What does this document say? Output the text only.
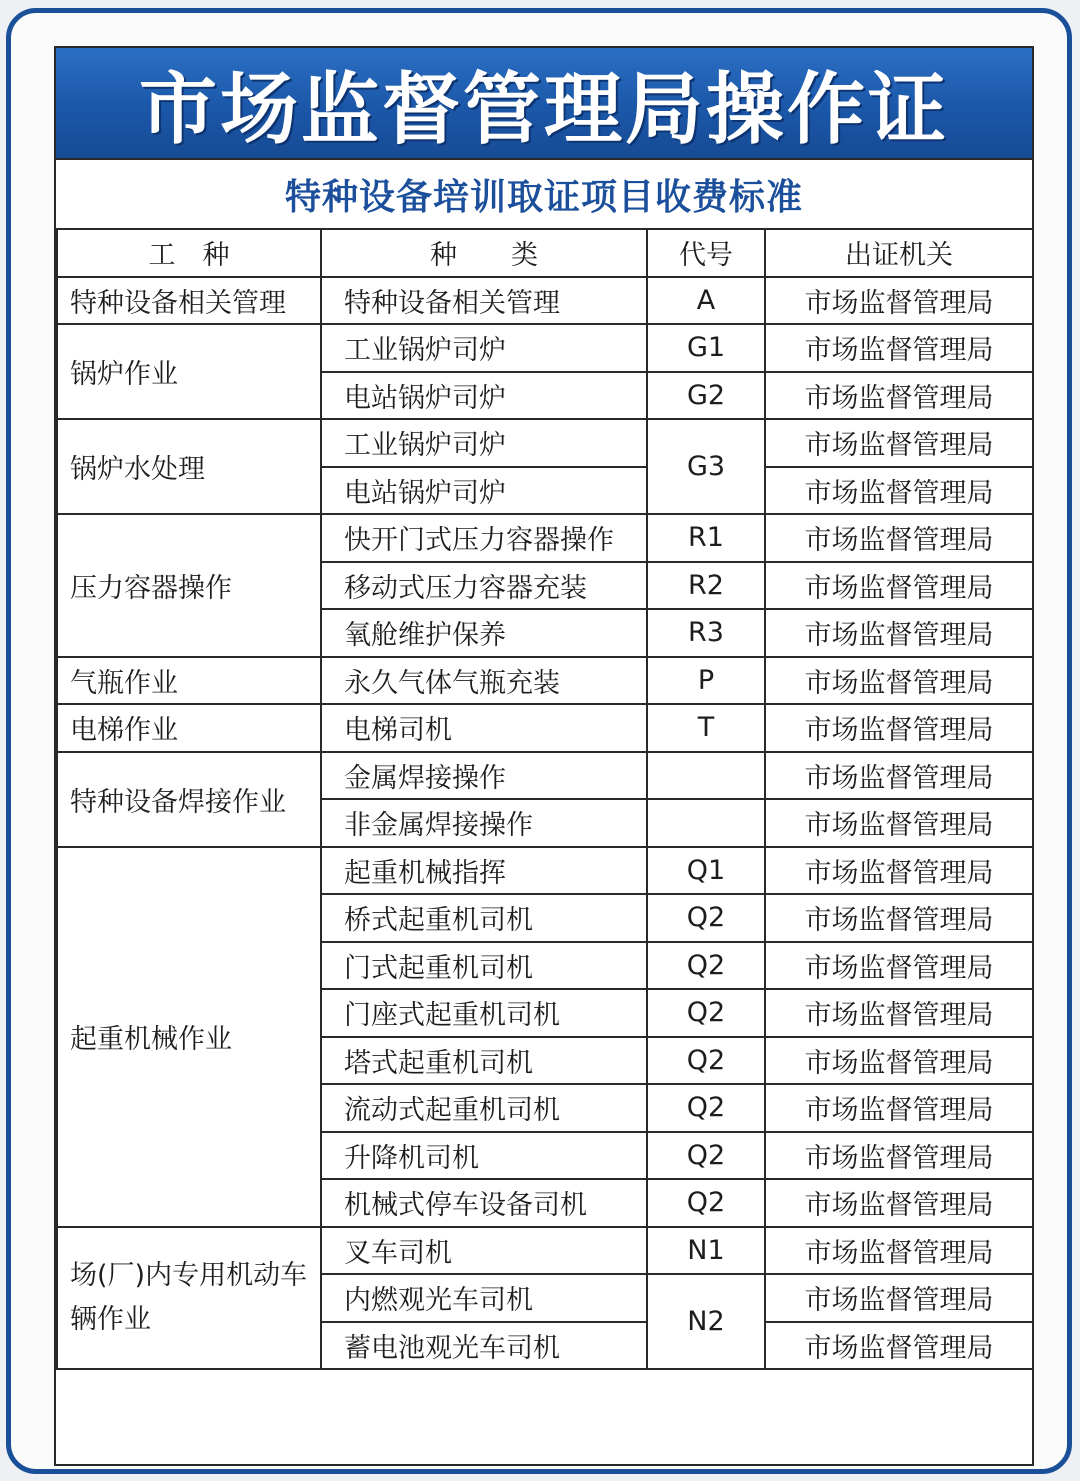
市场监督管理局操作证
特种设备培训取证项目收费标准
工　种	种　　类	代号	出证机关
特种设备相关管理	特种设备相关管理	A	市场监督管理局
锅炉作业	工业锅炉司炉	G1	市场监督管理局
	电站锅炉司炉	G2	市场监督管理局
锅炉水处理	工业锅炉司炉	G3	市场监督管理局
	电站锅炉司炉		市场监督管理局
压力容器操作	快开门式压力容器操作	R1	市场监督管理局
	移动式压力容器充装	R2	市场监督管理局
	氧舱维护保养	R3	市场监督管理局
气瓶作业	永久气体气瓶充装	P	市场监督管理局
电梯作业	电梯司机	T	市场监督管理局
特种设备焊接作业	金属焊接操作		市场监督管理局
	非金属焊接操作		市场监督管理局
起重机械作业	起重机械指挥	Q1	市场监督管理局
	桥式起重机司机	Q2	市场监督管理局
	门式起重机司机	Q2	市场监督管理局
	门座式起重机司机	Q2	市场监督管理局
	塔式起重机司机	Q2	市场监督管理局
	流动式起重机司机	Q2	市场监督管理局
	升降机司机	Q2	市场监督管理局
	机械式停车设备司机	Q2	市场监督管理局
场(厂)内专用机动车辆作业	叉车司机	N1	市场监督管理局
	内燃观光车司机	N2	市场监督管理局
	蓄电池观光车司机		市场监督管理局
